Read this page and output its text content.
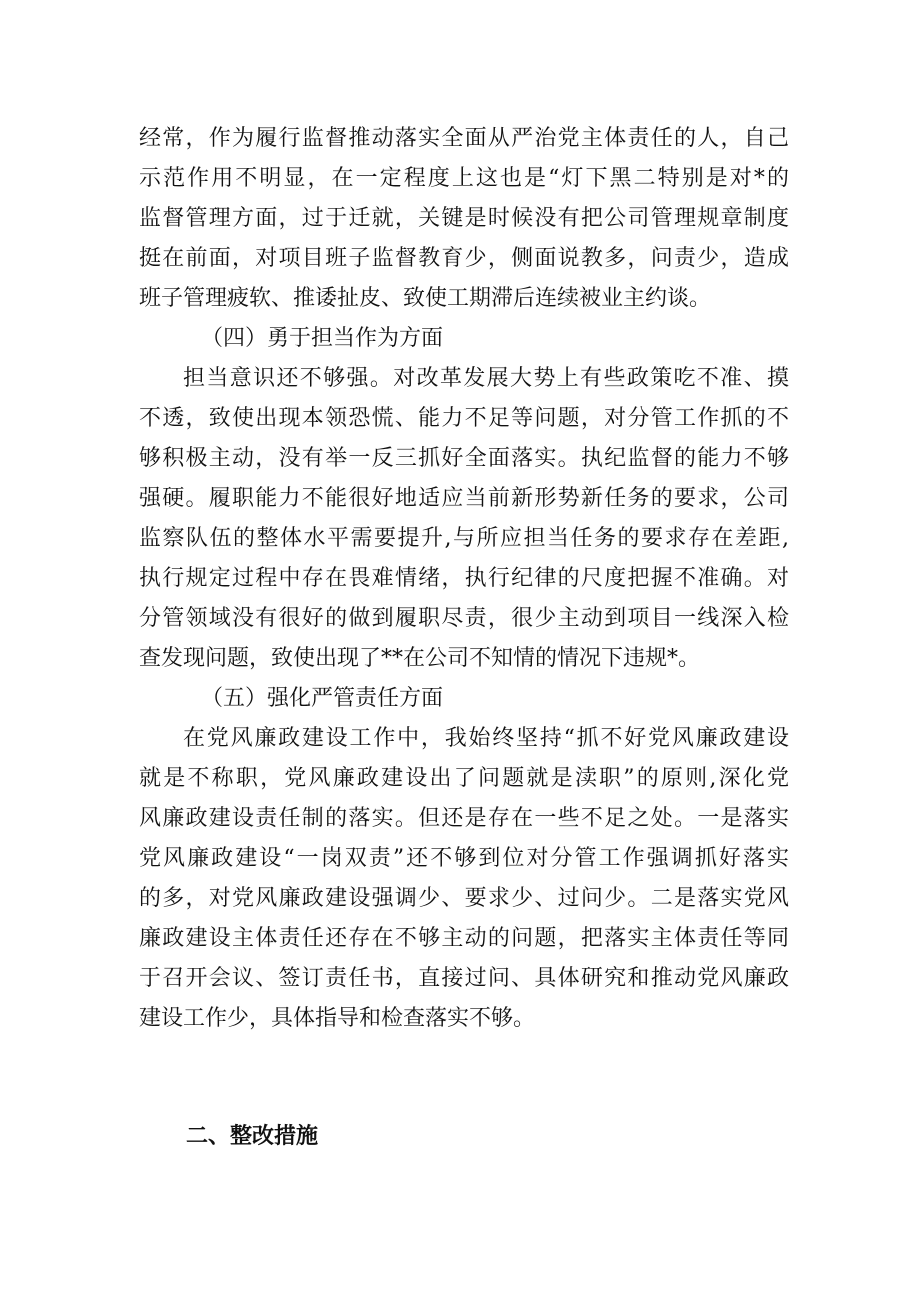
经常，作为履行监督推动落实全面从严治党主体责任的人，自己
示范作用不明显，在一定程度上这也是“灯下黑二特别是对*的
监督管理方面，过于迁就，关键是时候没有把公司管理规章制度
挺在前面，对项目班子监督教育少，侧面说教多，问责少，造成
班子管理疲软、推诿扯皮、致使工期滞后连续被业主约谈。
（四）勇于担当作为方面
担当意识还不够强。对改革发展大势上有些政策吃不准、摸
不透，致使出现本领恐慌、能力不足等问题，对分管工作抓的不
够积极主动，没有举一反三抓好全面落实。执纪监督的能力不够
强硬。履职能力不能很好地适应当前新形势新任务的要求，公司
监察队伍的整体水平需要提升,与所应担当任务的要求存在差距,
执行规定过程中存在畏难情绪，执行纪律的尺度把握不准确。对
分管领域没有很好的做到履职尽责，很少主动到项目一线深入检
查发现问题，致使出现了**在公司不知情的情况下违规*。
（五）强化严管责任方面
在党风廉政建设工作中，我始终坚持“抓不好党风廉政建设
就是不称职，党风廉政建设出了问题就是渎职”的原则,深化党
风廉政建设责任制的落实。但还是存在一些不足之处。一是落实
党风廉政建设“一岗双责”还不够到位对分管工作强调抓好落实
的多，对党风廉政建设强调少、要求少、过问少。二是落实党风
廉政建设主体责任还存在不够主动的问题，把落实主体责任等同
于召开会议、签订责任书，直接过问、具体研究和推动党风廉政
建设工作少，具体指导和检查落实不够。
二、整改措施
